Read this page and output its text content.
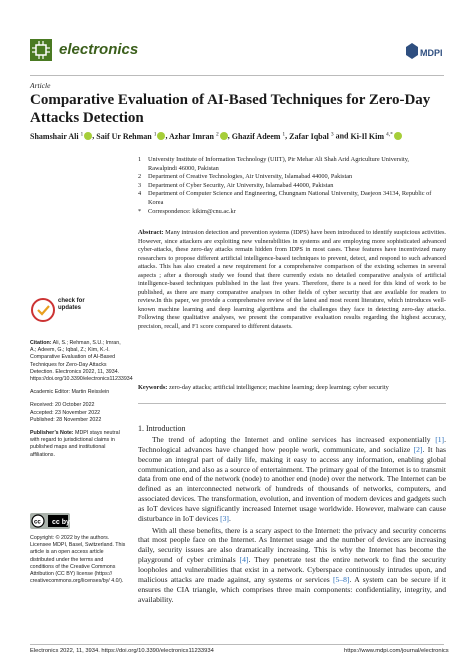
electronics	MDPI
Article
Comparative Evaluation of AI-Based Techniques for Zero-Day Attacks Detection
Shamshair Ali $^1$ , Saif Ur Rehman $^1$ , Azhar Imran $^2$ , Ghazif Adeem $^1$, Zafar Iqbal $^3$ and Ki-Il Kim $^{4,*}$
1	University Institute of Information Technology (UIIT), Pir Mehar Ali Shah Arid Agriculture University, Rawalpindi 46000, Pakistan
2	Department of Creative Technologies, Air University, Islamabad 44000, Pakistan
3	Department of Cyber Security, Air University, Islamabad 44000, Pakistan
4	Department of Computer Science and Engineering, Chungnam National University, Daejeon 34134, Republic of Korea
*	Correspondence: kikim@cnu.ac.kr
Abstract: Many intrusion detection and prevention systems (IDPS) have been introduced to identify suspicious activities. However, since attackers are exploiting new vulnerabilities in systems and are employing more sophisticated advanced cyber-attacks, these zero-day attacks remain hidden from IDPS in most cases. These features have incentivized many researchers to propose different artificial intelligence-based techniques to prevent, detect, and respond to such advanced attacks. This has also created a new requirement for a comprehensive comparison of the existing schemes in several aspects ; after a thorough study we found that there currently exists no detailed comparative analysis of artificial intelligence-based techniques published in the last five years. Therefore, there is a need for this kind of work to be published, as there are many comparative analyses in other fields of cyber security that are available for readers to review.In this paper, we provide a comprehensive review of the latest and most recent literature, which introduces well-known machine learning and deep learning algorithms and the challenges they face in detecting zero-day attacks. Following these qualitative analyses, we present the comparative evaluation results regarding the highest accuracy, precision, recall, and F1 score compared to different datasets.
Keywords: zero-day attacks; artificial intelligence; machine learning; deep learning; cyber security
1. Introduction

The trend of adopting the Internet and online services has increased exponentially [1]. Technological advances have changed how people work, communicate, and socialize [2]. It has become an integral part of daily life, making it easy to access any information, enabling global communication, and also as a source of entertainment. The primary goal of the Internet is to transmit data from one end of the network (node) to another end (node) over the network. The Internet can be defined as an interconnected network of hundreds of thousands of networks, computers, and associated devices. The transformation, evolution, and invention of modern devices and gadgets such as IoT devices have significantly increased Internet usage worldwide. However, malware can cause disturbance in IoT devices [3].

With all these benefits, there is a scary aspect to the Internet: the privacy and security concerns that most people face on the Internet. As Internet usage and the number of devices are increasing daily, security issues are also dramatically increasing. This is why the Internet has become the playground of cyber criminals [4]. They penetrate test the entire network to find the security loopholes and vulnerabilities that exist in a network. Cyberspace continuously intrudes upon, and malicious attacks are made against, any systems or services [5–8]. A system can be secure if it ensures the CIA triangle, which comprises three main components: confidentiality, integrity, and availability.

check for
updates
Citation: Ali, S.; Rehman, S.U.; Imran, A.; Adeem, G.; Iqbal, Z.; Kim, K.-I. Comparative Evaluation of AI-Based Techniques for Zero-Day Attacks Detection. Electronics 2022, 11, 3934. https://doi.org/10.3390/electronics11233934
Academic Editor: Martin Reisslein
Received: 20 October 2022
Accepted: 23 November 2022
Published: 28 November 2022
Publisher’s Note: MDPI stays neutral with regard to jurisdictional claims in published maps and institutional affiliations.
cc cc by
Copyright: © 2022 by the authors. Licensee MDPI, Basel, Switzerland. This article is an open access article distributed under the terms and conditions of the Creative Commons Attribution (CC BY) license (https:// creativecommons.org/licenses/by/ 4.0/).
Electronics 2022, 11, 3934. https://doi.org/10.3390/electronics11233934	https://www.mdpi.com/journal/electronics
